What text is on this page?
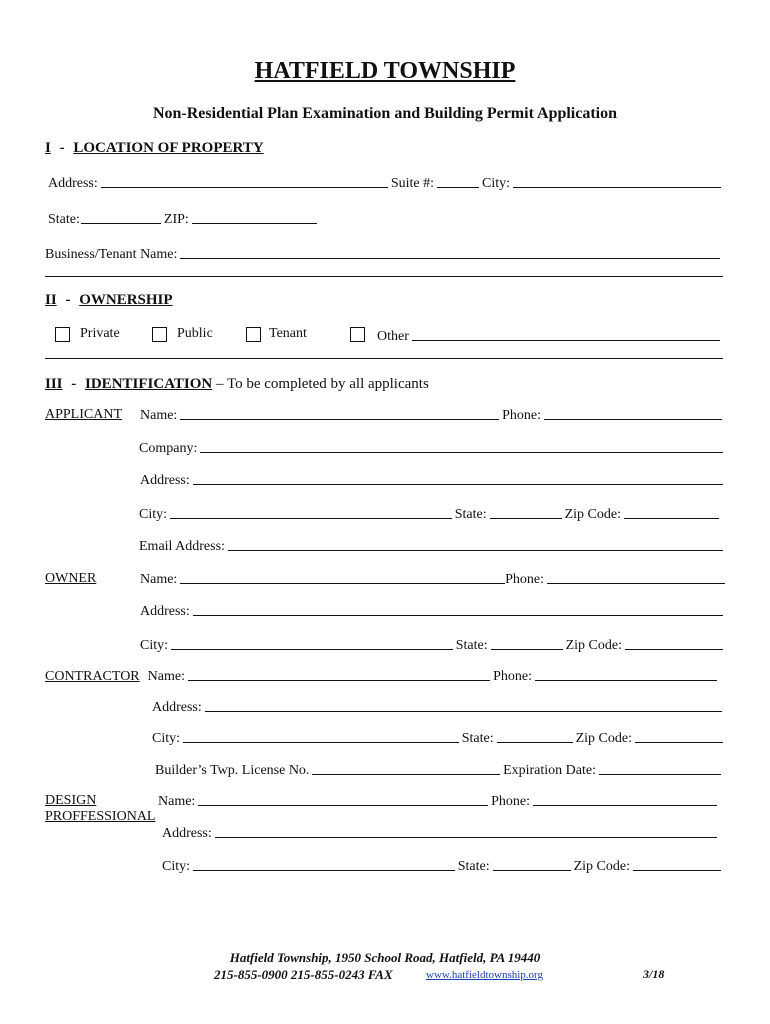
HATFIELD TOWNSHIP
Non-Residential Plan Examination and Building Permit Application
I - LOCATION OF PROPERTY
Address:	Suite #:	City:
State:	ZIP:
Business/Tenant Name:
II - OWNERSHIP
Private	Public	Tenant	Other
III - IDENTIFICATION – To be completed by all applicants
APPLICANT Name:	Phone:
Company:
Address:
City:	State:	Zip Code:
Email Address:
OWNER	Name:	Phone:
Address:
City:	State:	Zip Code:
CONTRACTOR Name:	Phone:
Address:
City:	State:	Zip Code:
Builder’s Twp. License No.	Expiration Date:
DESIGN
PROFFESSIONAL
Name:	Phone:
Address:
City:	State:	Zip Code:
Hatfield Township, 1950 School Road, Hatfield, PA 19440
215-855-0900 215-855-0243 FAX	www.hatfieldtownship.org	3/18
